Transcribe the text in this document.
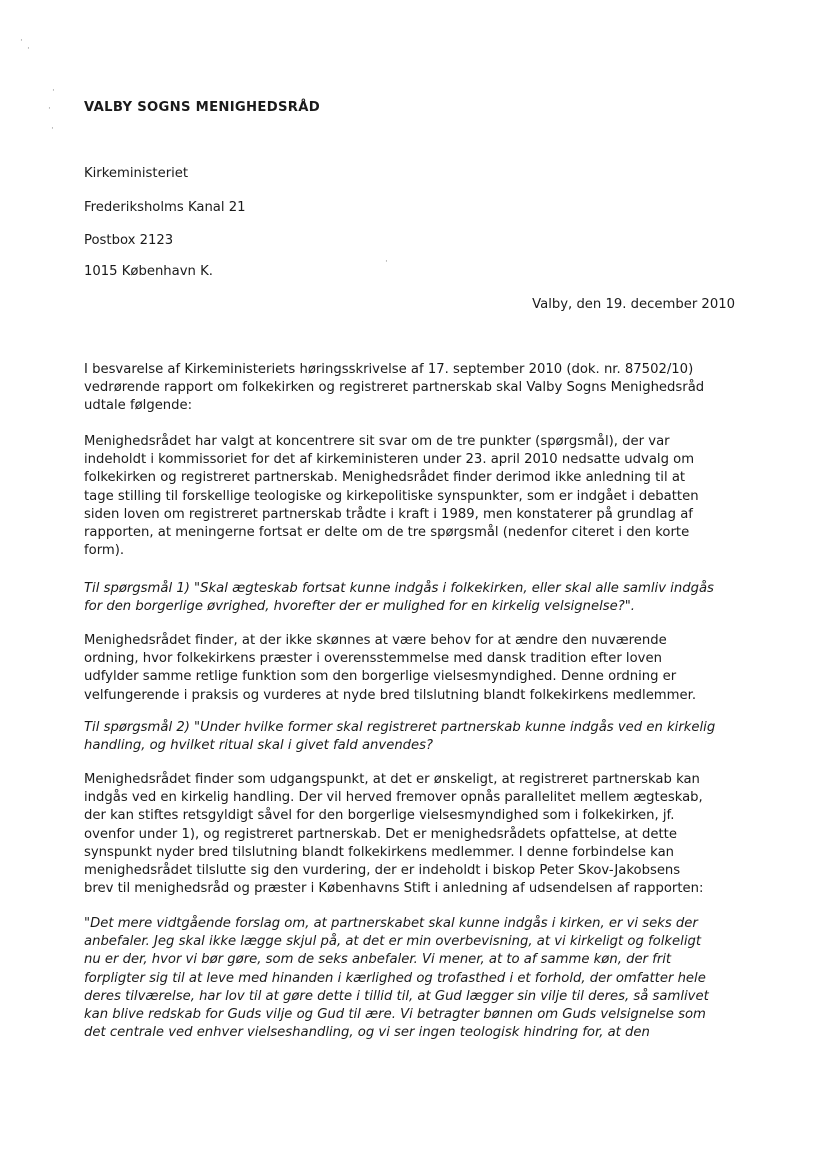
·
·
·
·
·
·
VALBY SOGNS MENIGHEDSRÅD
Kirkeministeriet
Frederiksholms Kanal 21
Postbox 2123
1015 København K.
Valby, den 19. december 2010
I besvarelse af Kirkeministeriets høringsskrivelse af 17. september 2010 (dok. nr. 87502/10)
vedrørende rapport om folkekirken og registreret partnerskab skal Valby Sogns Menighedsråd
udtale følgende:
Menighedsrådet har valgt at koncentrere sit svar om de tre punkter (spørgsmål), der var
indeholdt i kommissoriet for det af kirkeministeren under 23. april 2010 nedsatte udvalg om
folkekirken og registreret partnerskab. Menighedsrådet finder derimod ikke anledning til at
tage stilling til forskellige teologiske og kirkepolitiske synspunkter, som er indgået i debatten
siden loven om registreret partnerskab trådte i kraft i 1989, men konstaterer på grundlag af
rapporten, at meningerne fortsat er delte om de tre spørgsmål (nedenfor citeret i den korte
form).
Til spørgsmål 1) "Skal ægteskab fortsat kunne indgås i folkekirken, eller skal alle samliv indgås
for den borgerlige øvrighed, hvorefter der er mulighed for en kirkelig velsignelse?".
Menighedsrådet finder, at der ikke skønnes at være behov for at ændre den nuværende
ordning, hvor folkekirkens præster i overensstemmelse med dansk tradition efter loven
udfylder samme retlige funktion som den borgerlige vielsesmyndighed. Denne ordning er
velfungerende i praksis og vurderes at nyde bred tilslutning blandt folkekirkens medlemmer.
Til spørgsmål 2) "Under hvilke former skal registreret partnerskab kunne indgås ved en kirkelig
handling, og hvilket ritual skal i givet fald anvendes?
Menighedsrådet finder som udgangspunkt, at det er ønskeligt, at registreret partnerskab kan
indgås ved en kirkelig handling. Der vil herved fremover opnås parallelitet mellem ægteskab,
der kan stiftes retsgyldigt såvel for den borgerlige vielsesmyndighed som i folkekirken, jf.
ovenfor under 1), og registreret partnerskab. Det er menighedsrådets opfattelse, at dette
synspunkt nyder bred tilslutning blandt folkekirkens medlemmer. I denne forbindelse kan
menighedsrådet tilslutte sig den vurdering, der er indeholdt i biskop Peter Skov-Jakobsens
brev til menighedsråd og præster i Københavns Stift i anledning af udsendelsen af rapporten:
"Det mere vidtgående forslag om, at partnerskabet skal kunne indgås i kirken, er vi seks der
anbefaler. Jeg skal ikke lægge skjul på, at det er min overbevisning, at vi kirkeligt og folkeligt
nu er der, hvor vi bør gøre, som de seks anbefaler. Vi mener, at to af samme køn, der frit
forpligter sig til at leve med hinanden i kærlighed og trofasthed i et forhold, der omfatter hele
deres tilværelse, har lov til at gøre dette i tillid til, at Gud lægger sin vilje til deres, så samlivet
kan blive redskab for Guds vilje og Gud til ære. Vi betragter bønnen om Guds velsignelse som
det centrale ved enhver vielseshandling, og vi ser ingen teologisk hindring for, at den
